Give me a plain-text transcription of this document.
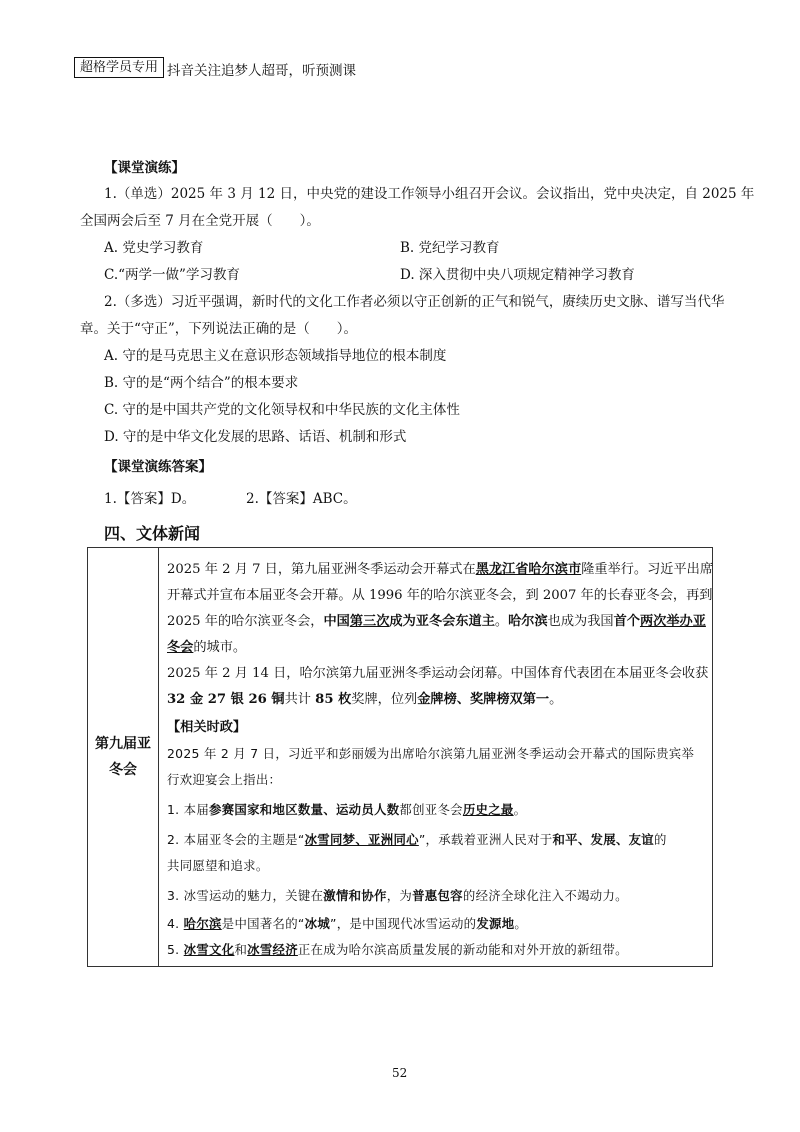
超格学员专用 抖音关注追梦人超哥，听预测课
【课堂演练】
1.（单选）2025 年 3 月 12 日，中央党的建设工作领导小组召开会议。会议指出，党中央决定，自 2025 年
全国两会后至 7 月在全党开展（　　）。
A. 党史学习教育	B. 党纪学习教育
C.“两学一做”学习教育	D. 深入贯彻中央八项规定精神学习教育
2.（多选）习近平强调，新时代的文化工作者必须以守正创新的正气和锐气，赓续历史文脉、谱写当代华
章。关于“守正”，下列说法正确的是（　　）。
A. 守的是马克思主义在意识形态领域指导地位的根本制度
B. 守的是“两个结合”的根本要求
C. 守的是中国共产党的文化领导权和中华民族的文化主体性
D. 守的是中华文化发展的思路、话语、机制和形式
【课堂演练答案】
1.【答案】D。	2.【答案】ABC。
四、文体新闻
第九届亚
冬会	
2025 年 2 月 7 日，第九届亚洲冬季运动会开幕式在黑龙江省哈尔滨市隆重举行。习近平出席
开幕式并宣布本届亚冬会开幕。从 1996 年的哈尔滨亚冬会，到 2007 年的长春亚冬会，再到
2025 年的哈尔滨亚冬会，中国第三次成为亚冬会东道主。哈尔滨也成为我国首个两次举办亚
冬会的城市。
2025 年 2 月 14 日，哈尔滨第九届亚洲冬季运动会闭幕。中国体育代表团在本届亚冬会收获
32 金 27 银 26 铜共计 85 枚奖牌，位列金牌榜、奖牌榜双第一。
【相关时政】
2025 年 2 月 7 日，习近平和彭丽媛为出席哈尔滨第九届亚洲冬季运动会开幕式的国际贵宾举
行欢迎宴会上指出：
1. 本届参赛国家和地区数量、运动员人数都创亚冬会历史之最。
2. 本届亚冬会的主题是“冰雪同梦、亚洲同心”，承载着亚洲人民对于和平、发展、友谊的
共同愿望和追求。
3. 冰雪运动的魅力，关键在激情和协作，为普惠包容的经济全球化注入不竭动力。
4. 哈尔滨是中国著名的“冰城”，是中国现代冰雪运动的发源地。
5. 冰雪文化和冰雪经济正在成为哈尔滨高质量发展的新动能和对外开放的新纽带。
52
